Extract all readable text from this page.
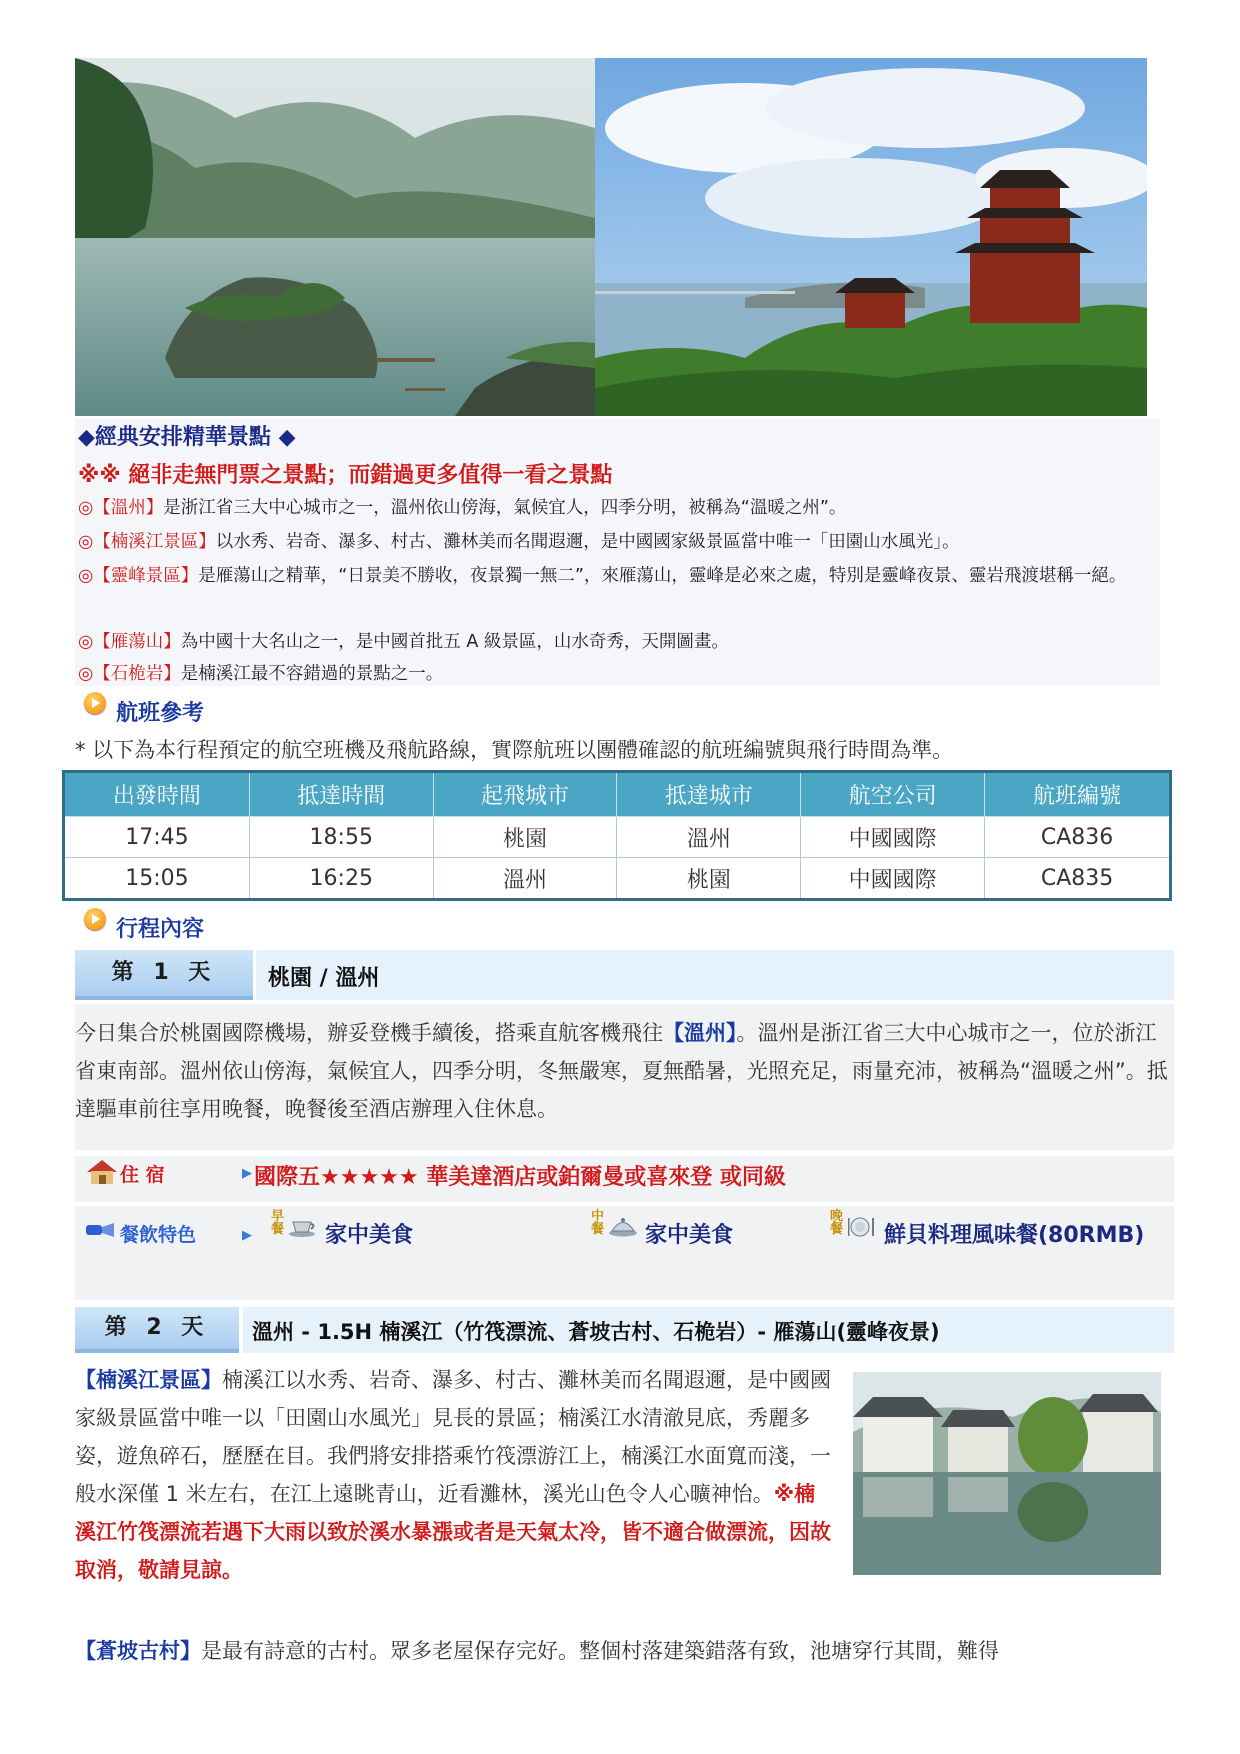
◆經典安排精華景點 ◆
※※ 絕非走無門票之景點；而錯過更多值得一看之景點
◎【溫州】是浙江省三大中心城市之一，溫州依山傍海，氣候宜人，四季分明，被稱為“溫暖之州”。
◎【楠溪江景區】以水秀、岩奇、瀑多、村古、灘林美而名聞遐邇，是中國國家級景區當中唯一「田園山水風光」。
◎【靈峰景區】是雁蕩山之精華，“日景美不勝收，夜景獨一無二”，來雁蕩山，靈峰是必來之處，特別是靈峰夜景、靈岩飛渡堪稱一絕。
◎【雁蕩山】為中國十大名山之一，是中國首批五 A 級景區，山水奇秀，天開圖畫。
◎【石桅岩】是楠溪江最不容錯過的景點之一。
航班參考
* 以下為本行程預定的航空班機及飛航路線，實際航班以團體確認的航班編號與飛行時間為準。
出發時間	抵達時間	起飛城市	抵達城市	航空公司	航班編號
17:45	18:55	桃園	溫州	中國國際	CA836
15:05	16:25	溫州	桃園	中國國際	CA835
行程內容
第 1 天	桃園 / 溫州
今日集合於桃園國際機場，辦妥登機手續後，搭乘直航客機飛往【溫州】。溫州是浙江省三大中心城市之一，位於浙江省東南部。溫州依山傍海，氣候宜人，四季分明，冬無嚴寒，夏無酷暑，光照充足，雨量充沛，被稱為“溫暖之州”。抵達驅車前往享用晚餐，晚餐後至酒店辦理入住休息。
住 宿	▶ 國際五★★★★★ 華美達酒店或鉑爾曼或喜來登 或同級
餐飲特色	▶
早餐 家中美食
中餐 家中美食
晚餐 鮮貝料理風味餐(80RMB)
第 2 天	溫州 - 1.5H 楠溪江（竹筏漂流、蒼坡古村、石桅岩）- 雁蕩山(靈峰夜景)
【楠溪江景區】楠溪江以水秀、岩奇、瀑多、村古、灘林美而名聞遐邇，是中國國家級景區當中唯一以「田園山水風光」見長的景區；楠溪江水清澈見底，秀麗多姿，遊魚碎石，歷歷在目。我們將安排搭乘竹筏漂游江上，楠溪江水面寬而淺，一般水深僅 1 米左右，在江上遠眺青山，近看灘林，溪光山色令人心曠神怡。※楠溪江竹筏漂流若遇下大雨以致於溪水暴漲或者是天氣太冷，皆不適合做漂流，因故取消，敬請見諒。
【蒼坡古村】是最有詩意的古村。眾多老屋保存完好。整個村落建築錯落有致，池塘穿行其間，難得
